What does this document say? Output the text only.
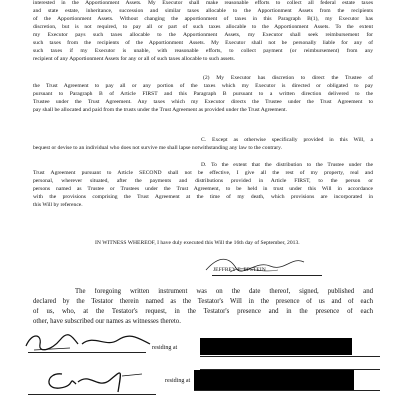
interested in the Apportionment Assets. My Executor shall make reasonable efforts to collect all federal estate taxes
and state estate, inheritance, succession and similar taxes allocable to the Apportionment Assets from the recipients
of the Apportionment Assets. Without changing the apportionment of taxes in this Paragraph B(1), my Executor has
discretion, but is not required, to pay all or part of such taxes allocable to the Apportionment Assets. To the extent
my Executor pays such taxes allocable to the Apportionment Assets, my Executor shall seek reimbursement for
such taxes from the recipients of the Apportionment Assets. My Executor shall not be personally liable for any of
such taxes if my Executor is unable, with reasonable efforts, to collect payment (or reimbursement) from any
recipient of any Apportionment Assets for any or all of such taxes allocable to such assets.
(2) My Executor has discretion to direct the Trustee of
the Trust Agreement to pay all or any portion of the taxes which my Executor is directed or obligated to pay
pursuant to Paragraph B of Article FIRST and this Paragraph B pursuant to a written direction delivered to the
Trustee under the Trust Agreement. Any taxes which my Executor directs the Trustee under the Trust Agreement to
pay shall be allocated and paid from the trusts under the Trust Agreement as provided under the Trust Agreement.
C. Except as otherwise specifically provided in this Will, a
bequest or devise to an individual who does not survive me shall lapse notwithstanding any law to the contrary.
D. To the extent that the distribution to the Trustee under the
Trust Agreement pursuant to Article SECOND shall not be effective, I give all the rest of my property, real and
personal, wherever situated, after the payments and distributions provided in Article FIRST, to the person or
persons named as Trustee or Trustees under the Trust Agreement, to be held in trust under this Will in accordance
with the provisions comprising the Trust Agreement at the time of my death, which provisions are incorporated in
this Will by reference.
IN WITNESS WHEREOF, I have duly executed this Will the 16th day of September, 2013.
JEFFREY E. EPSTEIN
The foregoing written instrument was on the date thereof, signed, published and
declared by the Testator therein named as the Testator's Will in the presence of us and of each
of us, who, at the Testator's request, in the Testator's presence and in the presence of each
other, have subscribed our names as witnesses thereto.
residing at
residing at
